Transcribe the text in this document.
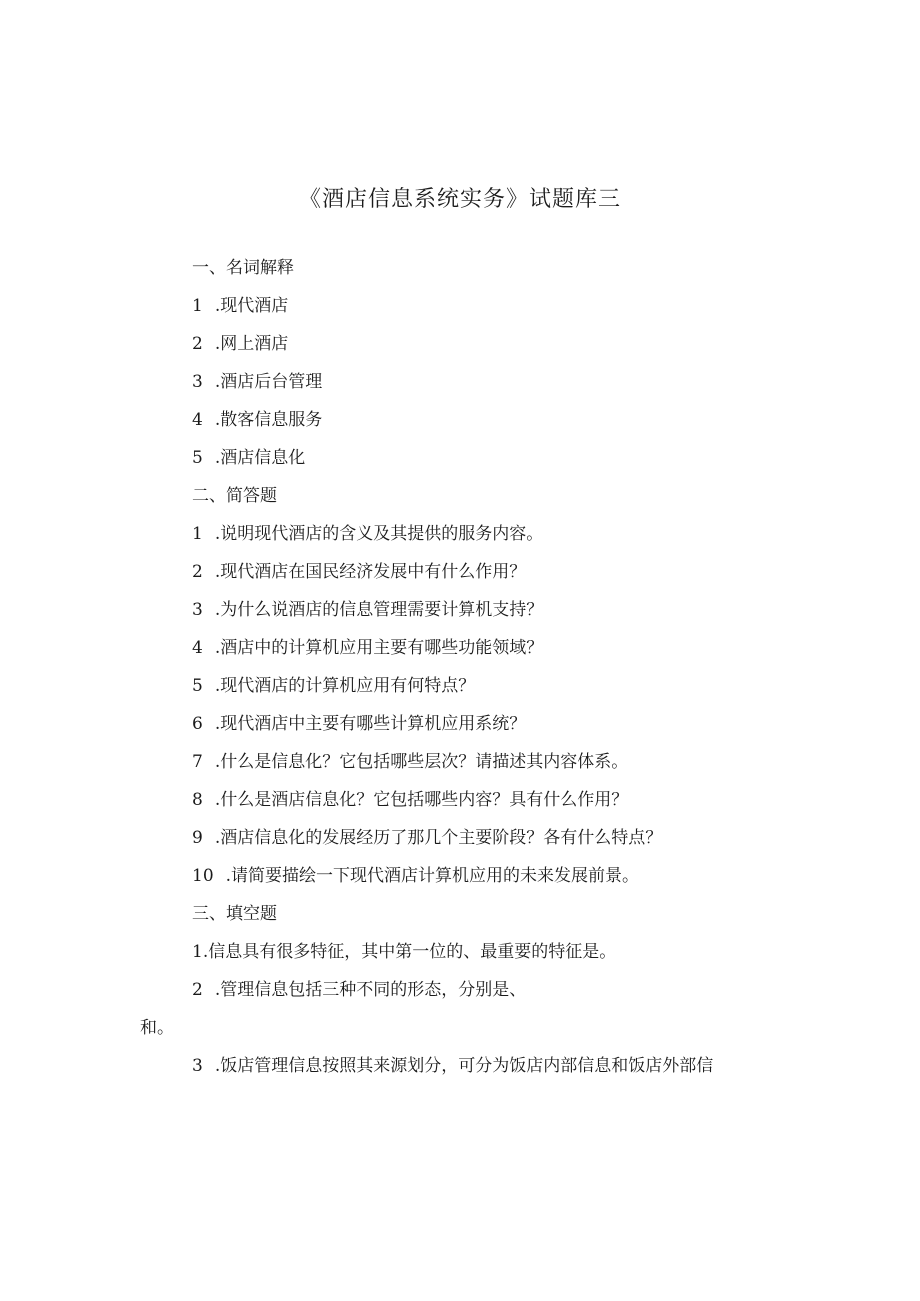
《酒店信息系统实务》试题库三
一、名词解释
1 .现代酒店
2 .网上酒店
3 .酒店后台管理
4 .散客信息服务
5 .酒店信息化
二、简答题
1 .说明现代酒店的含义及其提供的服务内容。
2 .现代酒店在国民经济发展中有什么作用？
3 .为什么说酒店的信息管理需要计算机支持？
4 .酒店中的计算机应用主要有哪些功能领域？
5 .现代酒店的计算机应用有何特点？
6 .现代酒店中主要有哪些计算机应用系统？
7 .什么是信息化？它包括哪些层次？请描述其内容体系。
8 .什么是酒店信息化？它包括哪些内容？具有什么作用？
9 .酒店信息化的发展经历了那几个主要阶段？各有什么特点？
10 .请简要描绘一下现代酒店计算机应用的未来发展前景。
三、填空题
1.信息具有很多特征，其中第一位的、最重要的特征是。
2 .管理信息包括三种不同的形态，分别是、
和。
3 .饭店管理信息按照其来源划分，可分为饭店内部信息和饭店外部信
